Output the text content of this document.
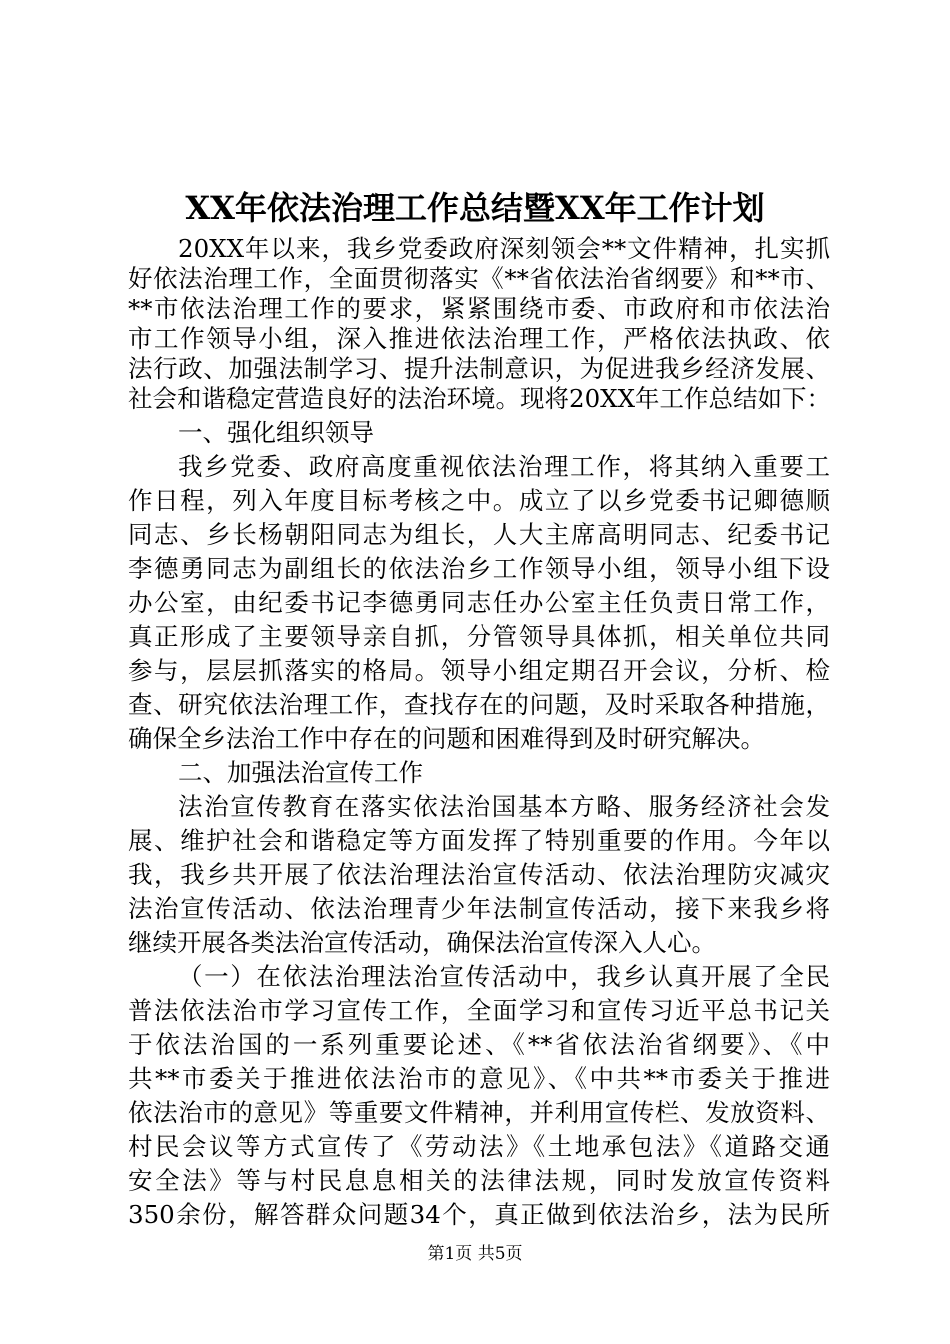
XX年依法治理工作总结暨XX年工作计划
20XX年以来，我乡党委政府深刻领会**文件精神，扎实抓
好依法治理工作，全面贯彻落实《**省依法治省纲要》和**市、
**市依法治理工作的要求，紧紧围绕市委、市政府和市依法治
市工作领导小组，深入推进依法治理工作，严格依法执政、依
法行政、加强法制学习、提升法制意识，为促进我乡经济发展、
社会和谐稳定营造良好的法治环境。现将20XX年工作总结如下：
一、强化组织领导
我乡党委、政府高度重视依法治理工作，将其纳入重要工
作日程，列入年度目标考核之中。成立了以乡党委书记卿德顺
同志、乡长杨朝阳同志为组长，人大主席高明同志、纪委书记
李德勇同志为副组长的依法治乡工作领导小组，领导小组下设
办公室，由纪委书记李德勇同志任办公室主任负责日常工作，
真正形成了主要领导亲自抓，分管领导具体抓，相关单位共同
参与，层层抓落实的格局。领导小组定期召开会议，分析、检
查、研究依法治理工作，查找存在的问题，及时采取各种措施，
确保全乡法治工作中存在的问题和困难得到及时研究解决。
二、加强法治宣传工作
法治宣传教育在落实依法治国基本方略、服务经济社会发
展、维护社会和谐稳定等方面发挥了特别重要的作用。今年以
我，我乡共开展了依法治理法治宣传活动、依法治理防灾减灾
法治宣传活动、依法治理青少年法制宣传活动，接下来我乡将
继续开展各类法治宣传活动，确保法治宣传深入人心。
（一）在依法治理法治宣传活动中，我乡认真开展了全民
普法依法治市学习宣传工作，全面学习和宣传习近平总书记关
于依法治国的一系列重要论述、《**省依法治省纲要》、《中
共**市委关于推进依法治市的意见》、《中共**市委关于推进
依法治市的意见》等重要文件精神，并利用宣传栏、发放资料、
村民会议等方式宣传了《劳动法》《土地承包法》《道路交通
安全法》等与村民息息相关的法律法规，同时发放宣传资料
第1页 共5页
350余份，解答群众问题34个，真正做到依法治乡，法为民所
